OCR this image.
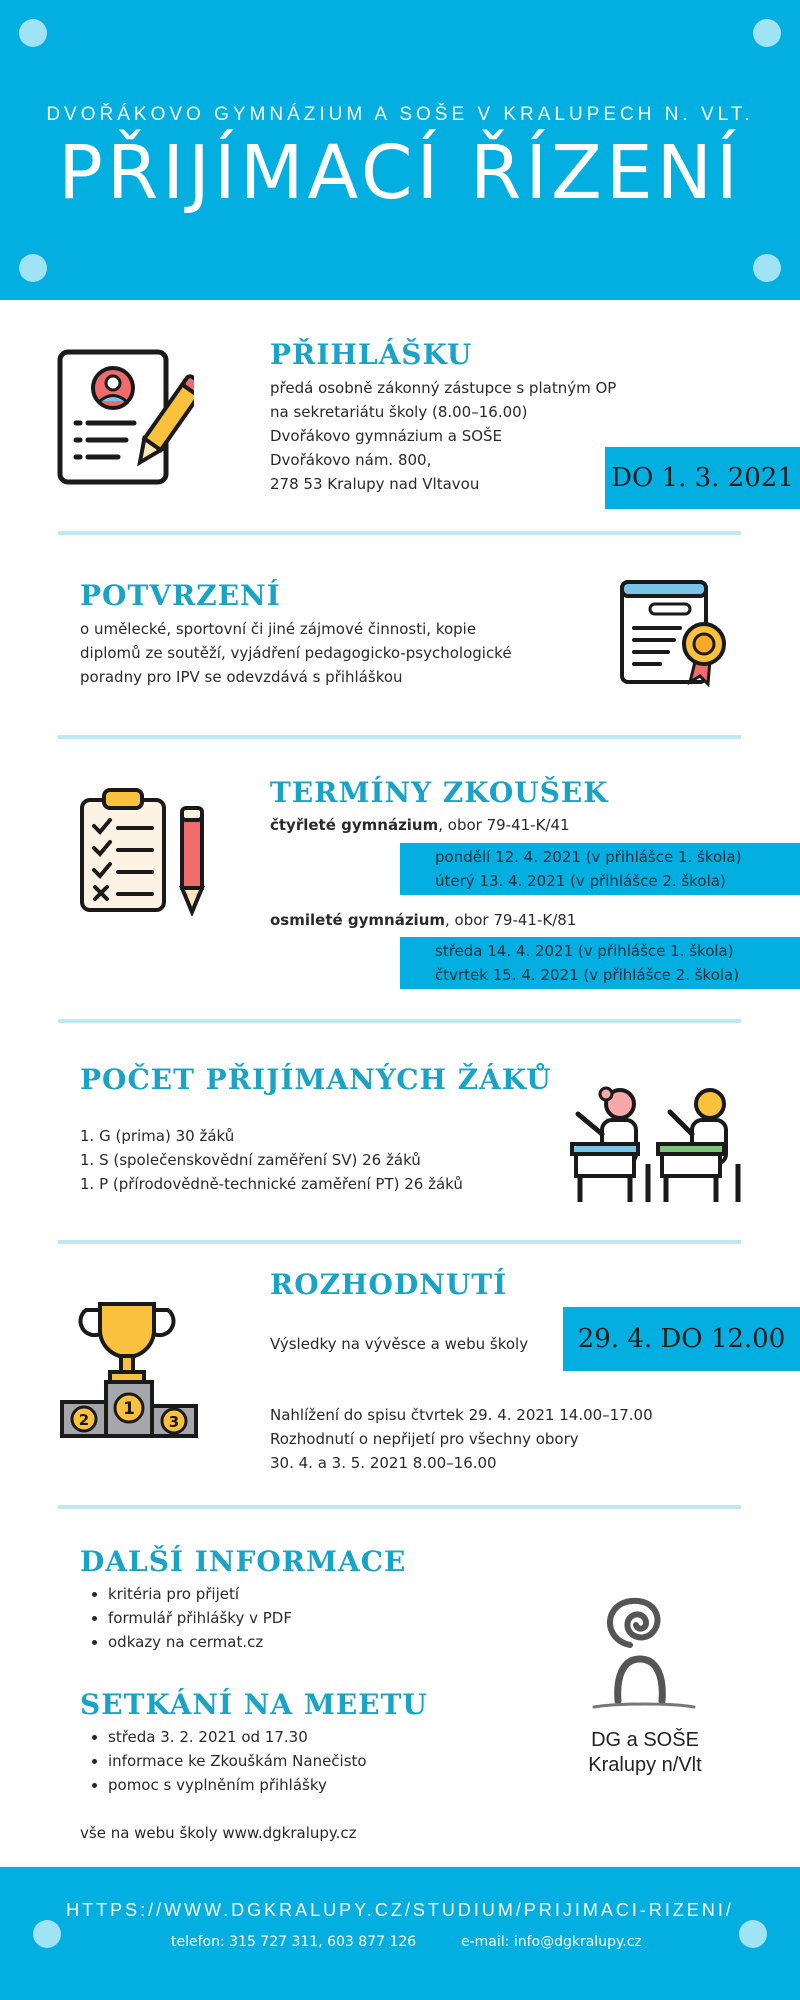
DVOŘÁKOVO GYMNÁZIUM A SOŠE V KRALUPECH N. VLT.
PŘIJÍMACÍ ŘÍZENÍ
PŘIHLÁŠKU
předá osobně zákonný zástupce s platným OP
na sekretariátu školy (8.00–16.00)
Dvořákovo gymnázium a SOŠE
Dvořákovo nám. 800,
278 53 Kralupy nad Vltavou	DO 1. 3. 2021
POTVRZENÍ
o umělecké, sportovní či jiné zájmové činnosti, kopie
diplomů ze soutěží, vyjádření pedagogicko-psychologické
poradny pro IPV se odevzdává s přihláškou
TERMÍNY ZKOUŠEK
čtyřleté gymnázium, obor 79-41-K/41
pondělí 12. 4. 2021 (v přihlášce 1. škola)
úterý 13. 4. 2021 (v přihlášce 2. škola)
osmileté gymnázium, obor 79-41-K/81
středa 14. 4. 2021 (v přihlášce 1. škola)
čtvrtek 15. 4. 2021 (v přihlášce 2. škola)
POČET PŘIJÍMANÝCH ŽÁKŮ
1. G (prima) 30 žáků
1. S (společenskovědní zaměření SV) 26 žáků
1. P (přírodovědně-technické zaměření PT) 26 žáků
1
2	3
ROZHODNUTÍ
Výsledky na vývěsce a webu školy	29. 4. DO 12.00
Nahlížení do spisu čtvrtek 29. 4. 2021 14.00–17.00
Rozhodnutí o nepřijetí pro všechny obory
30. 4. a 3. 5. 2021 8.00–16.00
DALŠÍ INFORMACE
• kritéria pro přijetí
• formulář přihlášky v PDF
• odkazy na cermat.cz
SETKÁNÍ NA MEETU
• středa 3. 2. 2021 od 17.30
• informace ke Zkouškám Nanečisto
• pomoc s vyplněním přihlášky
vše na webu školy www.dgkralupy.cz
DG a SOŠE
Kralupy n/Vlt
HTTPS://WWW.DGKRALUPY.CZ/STUDIUM/PRIJIMACI-RIZENI/
telefon: 315 727 311, 603 877 126	e-mail: info@dgkralupy.cz
